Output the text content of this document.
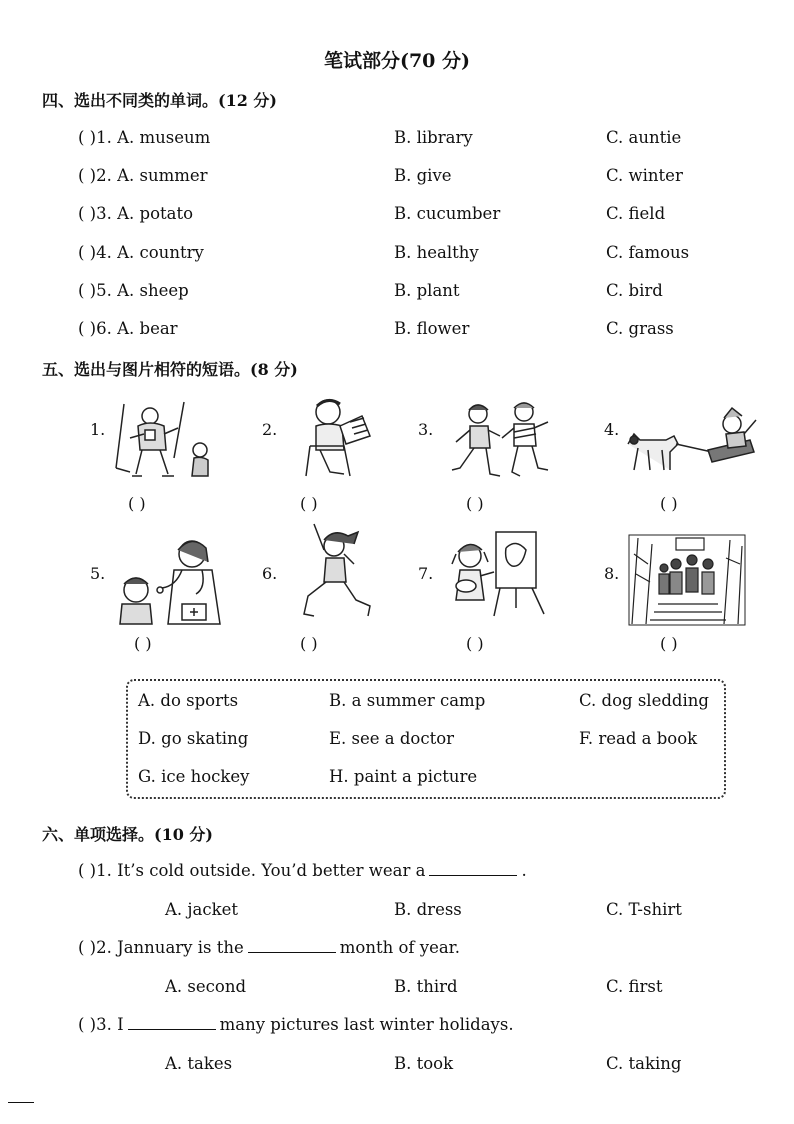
笔试部分(70 分)
四、选出不同类的单词。(12 分)
( )1. A. museum	B. library	C. auntie
( )2. A. summer	B. give	C. winter
( )3. A. potato	B. cucumber	C. field
( )4. A. country	B. healthy	C. famous
( )5. A. sheep	B. plant	C. bird
( )6. A. bear	B. flower	C. grass
五、选出与图片相符的短语。(8 分)
1.
( )
2.
( )
3.
( )
4.
( )
5.
( )
6.
( )
7.
( )
8.
( )
A. do sports	B. a summer camp	C. dog sledding
D. go skating	E. see a doctor	F. read a book
G. ice hockey	H. paint a picture
六、单项选择。(10 分)
( )1. It’s cold outside. You’d better wear a	.
A. jacket	B. dress	C. T-shirt
( )2. Jannuary is the	month of year.
A. second	B. third	C. first
( )3. I	many pictures last winter holidays.
A. takes	B. took	C. taking
